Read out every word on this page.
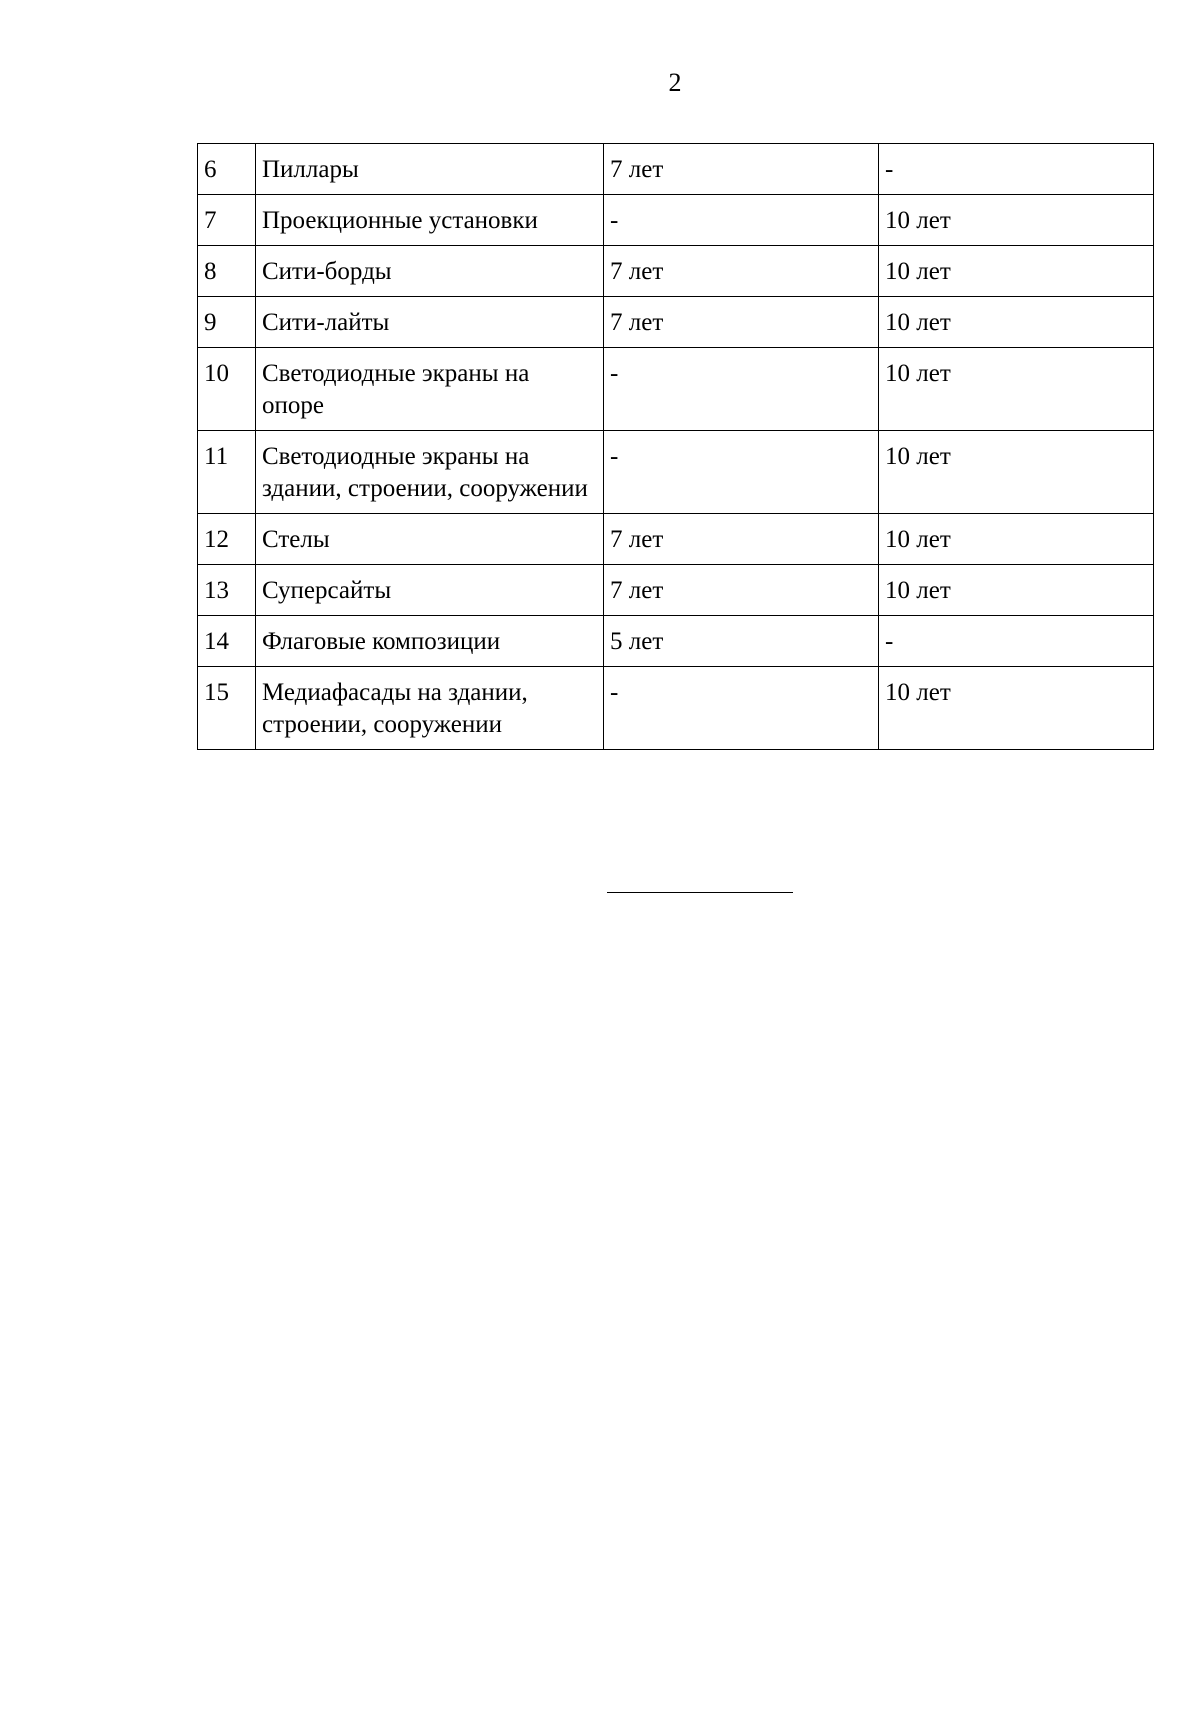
2
6	Пиллары	7 лет	-
7	Проекционные установки	-	10 лет
8	Сити-борды	7 лет	10 лет
9	Сити-лайты	7 лет	10 лет
10	Светодиодные экраны на опоре	-	10 лет
11	Светодиодные экраны на здании, строении, сооружении	-	10 лет
12	Стелы	7 лет	10 лет
13	Суперсайты	7 лет	10 лет
14	Флаговые композиции	5 лет	-
15	Медиафасады на здании, строении, сооружении	-	10 лет
